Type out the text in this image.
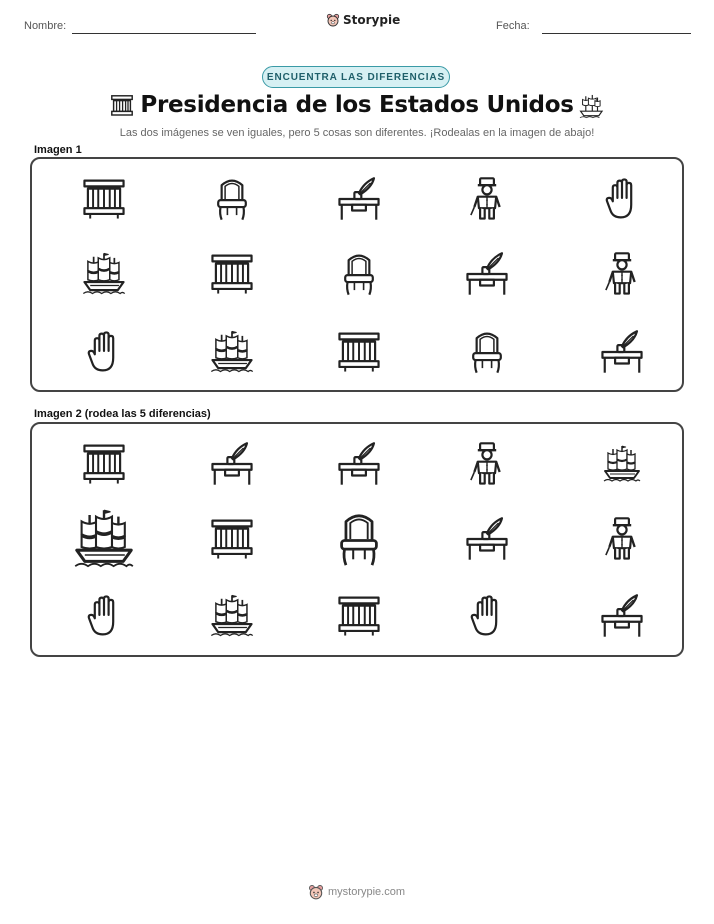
Nombre:	Storypie	Fecha:
ENCUENTRA LAS DIFERENCIAS
Presidencia de los Estados Unidos
Las dos imágenes se ven iguales, pero 5 cosas son diferentes. ¡Rodealas en la imagen de abajo!
Imagen 1
Imagen 2 (rodea las 5 diferencias)
mystorypie.com
